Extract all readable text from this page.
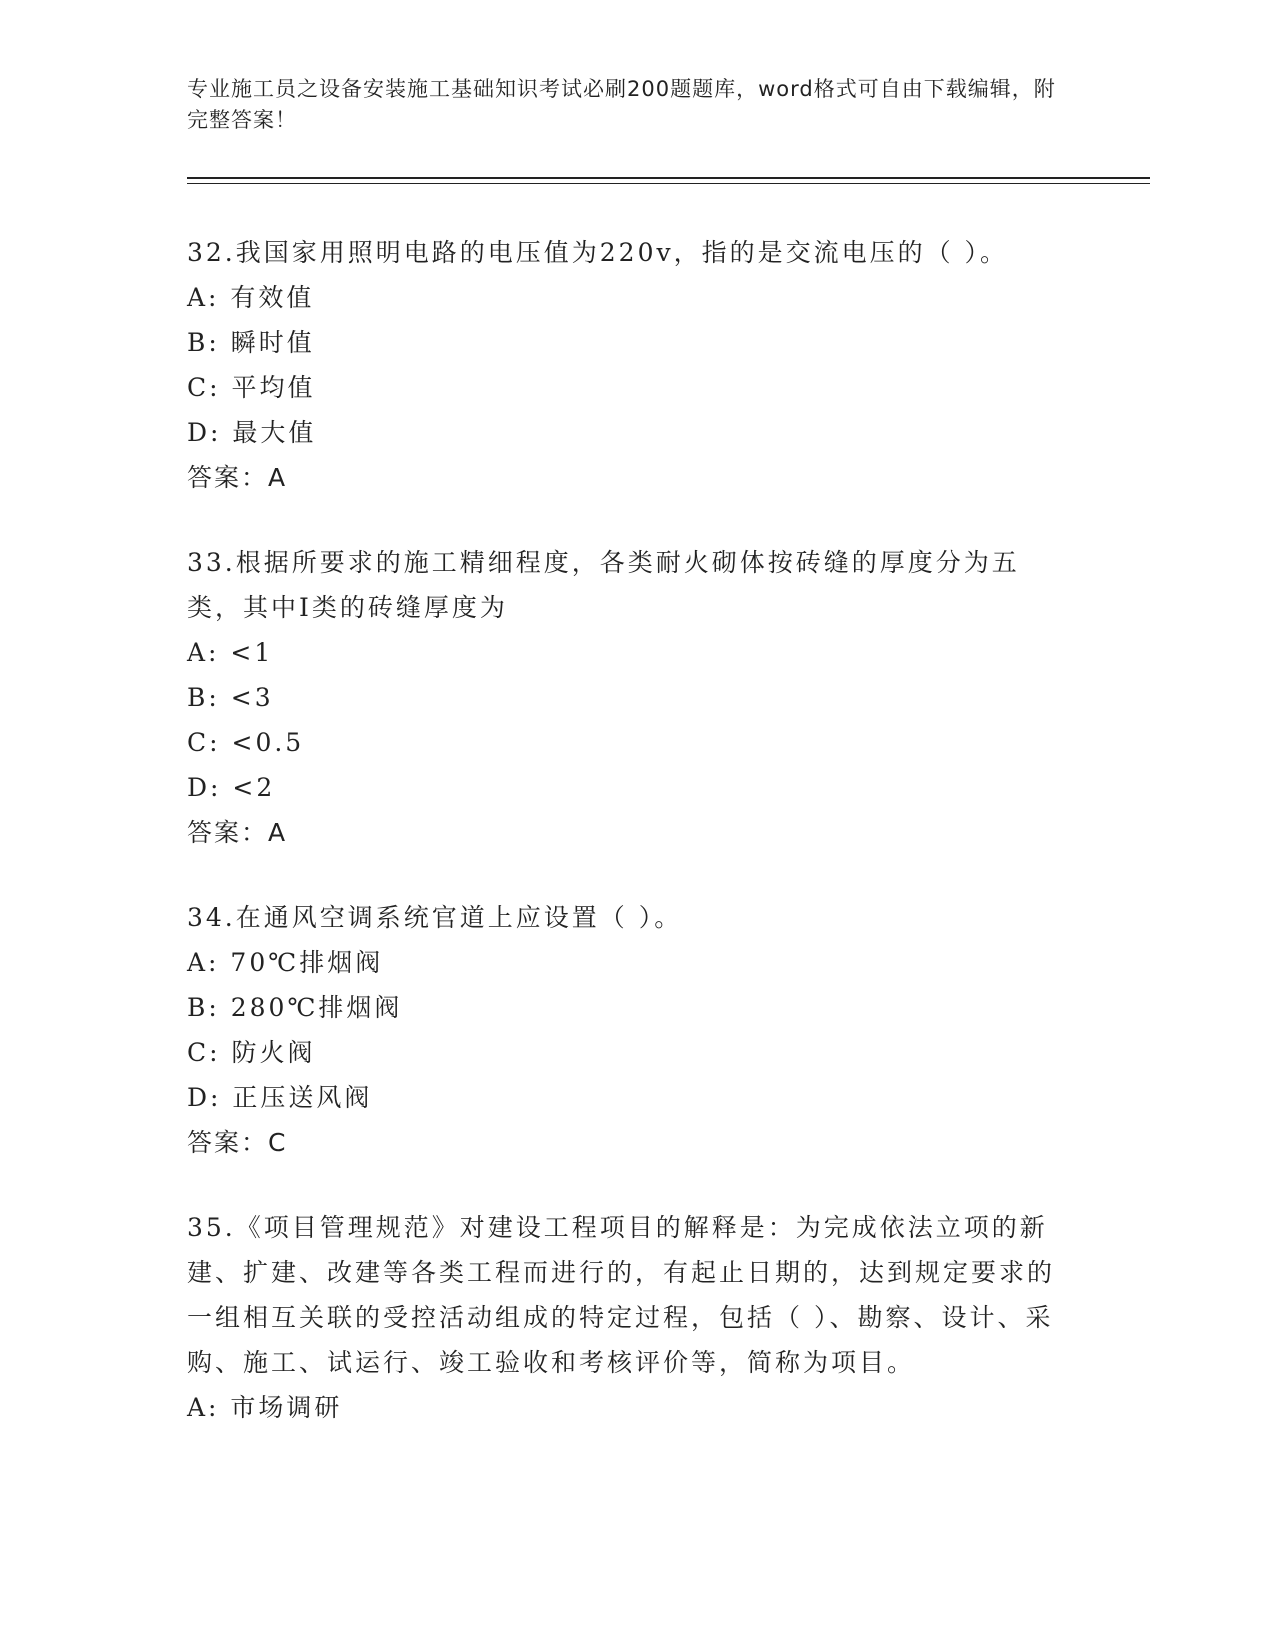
专业施工员之设备安装施工基础知识考试必刷200题题库，word格式可自由下载编辑，附完整答案！
32.我国家用照明电路的电压值为220v，指的是交流电压的（ ）。
A: 有效值
B: 瞬时值
C: 平均值
D: 最大值
答案：A
33.根据所要求的施工精细程度，各类耐火砌体按砖缝的厚度分为五类，其中Ⅰ类的砖缝厚度为
A: <1
B: <3
C: <0.5
D: <2
答案：A
34.在通风空调系统官道上应设置（ ）。
A: 70℃排烟阀
B: 280℃排烟阀
C: 防火阀
D: 正压送风阀
答案：C
35.《项目管理规范》对建设工程项目的解释是：为完成依法立项的新建、扩建、改建等各类工程而进行的，有起止日期的，达到规定要求的一组相互关联的受控活动组成的特定过程，包括（ ）、勘察、设计、采购、施工、试运行、竣工验收和考核评价等，简称为项目。
A: 市场调研
